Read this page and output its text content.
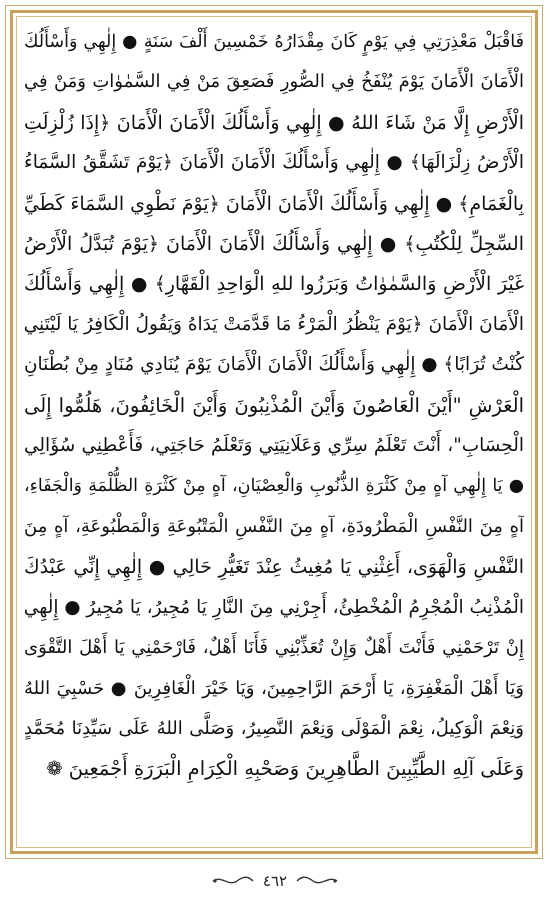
فَاقْبَلْ مَعْذِرَتِي فِي يَوْمٍ كَانَ مِقْدَارُهُ خَمْسِينَ أَلْفَ سَنَةٍ ● إِلٰهِي وَأَسْأَلُكَ
الْأَمَانَ الْأَمَانَ يَوْمَ يُنْفَخُ فِي الصُّورِ فَصَعِقَ مَنْ فِي السَّمٰوٰاتِ وَمَنْ فِي
الْأَرْضِ إِلَّا مَنْ شَاءَ اللهُ ● إِلٰهِي وَأَسْأَلُكَ الْأَمَانَ الْأَمَانَ ﴿إِذَا زُلْزِلَتِ
الْأَرْضُ زِلْزَالَهَا﴾ ● إِلٰهِي وَأَسْأَلُكَ الْأَمَانَ الْأَمَانَ ﴿يَوْمَ تَشَقَّقُ السَّمَاءُ
بِالْغَمَامِ﴾ ● إِلٰهِي وَأَسْأَلُكَ الْأَمَانَ الْأَمَانَ ﴿يَوْمَ نَطْوِي السَّمَاءَ كَطَيِّ
السِّجِلِّ لِلْكُتُبِ﴾ ● إِلٰهِي وَأَسْأَلُكَ الْأَمَانَ الْأَمَانَ ﴿يَوْمَ تُبَدَّلُ الْأَرْضُ
غَيْرَ الْأَرْضِ وَالسَّمٰوٰاتُ وَبَرَزُوا للهِ الْوَاحِدِ الْقَهَّارِ﴾ ● إِلٰهِي وَأَسْأَلُكَ
الْأَمَانَ الْأَمَانَ ﴿يَوْمَ يَنْظُرُ الْمَرْءُ مَا قَدَّمَتْ يَدَاهُ وَيَقُولُ الْكَافِرُ يَا لَيْتَنِي
كُنْتُ تُرَابًا﴾ ● إِلٰهِي وَأَسْأَلُكَ الْأَمَانَ الْأَمَانَ يَوْمَ يُنَادِي مُنَادٍ مِنْ بُطْنَانِ
الْعَرْشِ "أَيْنَ الْعَاصُونَ وَأَيْنَ الْمُذْنِبُونَ وَأَيْنَ الْخَائِفُونَ، هَلُمُّوا إِلَى
الْحِسَابِ"، أَنْتَ تَعْلَمُ سِرِّي وَعَلَانِيَتِي وَتَعْلَمُ حَاجَتِي، فَأَعْطِنِي سُؤَالِي
● يَا إِلٰهِي آهٍ مِنْ كَثْرَةِ الذُّنُوبِ وَالْعِصْيَانِ، آهٍ مِنْ كَثْرَةِ الظُّلْمَةِ وَالْجَفَاءِ،
آهٍ مِنَ النَّفْسِ الْمَطْرُودَةِ، آهٍ مِنَ النَّفْسِ الْمَتْبُوعَةِ وَالْمَطْبُوعَةِ، آهٍ مِنَ
النَّفْسِ وَالْهَوَى، أَغِثْنِي يَا مُغِيثُ عِنْدَ تَغَيُّرِ حَالِي ● إِلٰهِي إِنِّي عَبْدُكَ
الْمُذْنِبُ الْمُجْرِمُ الْمُخْطِئُ، أَجِرْنِي مِنَ النَّارِ يَا مُجِيرُ، يَا مُجِيرُ ● إِلٰهِي
إِنْ تَرْحَمْنِي فَأَنْتَ أَهْلٌ وَإِنْ تُعَذِّبْنِي فَأَنَا أَهْلٌ، فَارْحَمْنِي يَا أَهْلَ التَّقْوَى
وَيَا أَهْلَ الْمَغْفِرَةِ، يَا أَرْحَمَ الرَّاحِمِينَ، وَيَا خَيْرَ الْغَافِرِينَ ● حَسْبِيَ اللهُ
وَنِعْمَ الْوَكِيلُ، نِعْمَ الْمَوْلَى وَنِعْمَ النَّصِيرُ، وَصَلَّى اللهُ عَلَى سَيِّدِنَا مُحَمَّدٍ
وَعَلَى آلِهِ الطَّيِّبِينَ الطَّاهِرِينَ وَصَحْبِهِ الْكِرَامِ الْبَرَرَةِ أَجْمَعِينَ ❁
٤٦٢
